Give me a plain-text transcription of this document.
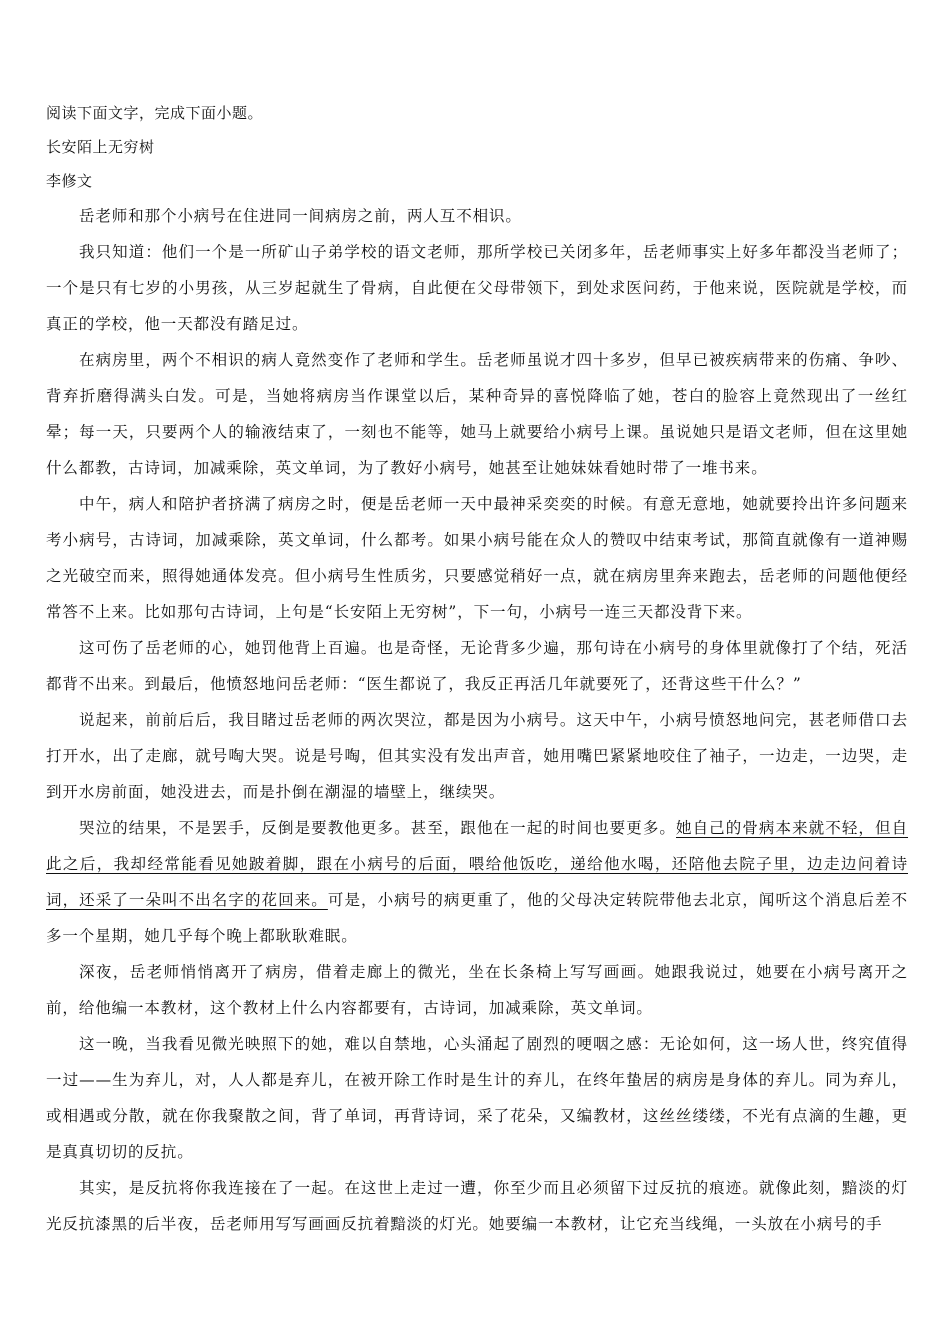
阅读下面文字，完成下面小题。

长安陌上无穷树

李修文

岳老师和那个小病号在住进同一间病房之前，两人互不相识。

我只知道：他们一个是一所矿山子弟学校的语文老师，那所学校已关闭多年，岳老师事实上好多年都没当老师了；一个是只有七岁的小男孩，从三岁起就生了骨病，自此便在父母带领下，到处求医问药，于他来说，医院就是学校，而真正的学校，他一天都没有踏足过。

在病房里，两个不相识的病人竟然变作了老师和学生。岳老师虽说才四十多岁，但早已被疾病带来的伤痛、争吵、背弃折磨得满头白发。可是，当她将病房当作课堂以后，某种奇异的喜悦降临了她，苍白的脸容上竟然现出了一丝红晕；每一天，只要两个人的输液结束了，一刻也不能等，她马上就要给小病号上课。虽说她只是语文老师，但在这里她什么都教，古诗词，加减乘除，英文单词，为了教好小病号，她甚至让她妹妹看她时带了一堆书来。

中午，病人和陪护者挤满了病房之时，便是岳老师一天中最神采奕奕的时候。有意无意地，她就要拎出许多问题来考小病号，古诗词，加减乘除，英文单词，什么都考。如果小病号能在众人的赞叹中结束考试，那简直就像有一道神赐之光破空而来，照得她通体发亮。但小病号生性质劣，只要感觉稍好一点，就在病房里奔来跑去，岳老师的问题他便经常答不上来。比如那句古诗词，上句是“长安陌上无穷树”，下一句，小病号一连三天都没背下来。

这可伤了岳老师的心，她罚他背上百遍。也是奇怪，无论背多少遍，那句诗在小病号的身体里就像打了个结，死活都背不出来。到最后，他愤怒地问岳老师：“医生都说了，我反正再活几年就要死了，还背这些干什么？”

说起来，前前后后，我目睹过岳老师的两次哭泣，都是因为小病号。这天中午，小病号愤怒地问完，甚老师借口去打开水，出了走廊，就号啕大哭。说是号啕，但其实没有发出声音，她用嘴巴紧紧地咬住了袖子，一边走，一边哭，走到开水房前面，她没进去，而是扑倒在潮湿的墙壁上，继续哭。

哭泣的结果，不是罢手，反倒是要教他更多。甚至，跟他在一起的时间也要更多。她自己的骨病本来就不轻，但自此之后，我却经常能看见她跛着脚，跟在小病号的后面，喂给他饭吃，递给他水喝，还陪他去院子里，边走边问着诗词，还采了一朵叫不出名字的花回来。可是，小病号的病更重了，他的父母决定转院带他去北京，闻听这个消息后差不多一个星期，她几乎每个晚上都耿耿难眠。

深夜，岳老师悄悄离开了病房，借着走廊上的微光，坐在长条椅上写写画画。她跟我说过，她要在小病号离开之前，给他编一本教材，这个教材上什么内容都要有，古诗词，加减乘除，英文单词。

这一晚，当我看见微光映照下的她，难以自禁地，心头涌起了剧烈的哽咽之感：无论如何，这一场人世，终究值得一过——生为弃儿，对，人人都是弃儿，在被开除工作时是生计的弃儿，在终年蛰居的病房是身体的弃儿。同为弃儿，或相遇或分散，就在你我聚散之间，背了单词，再背诗词，采了花朵，又编教材，这丝丝缕缕，不光有点滴的生趣，更是真真切切的反抗。

其实，是反抗将你我连接在了一起。在这世上走过一遭，你至少而且必须留下过反抗的痕迹。就像此刻，黯淡的灯光反抗漆黑的后半夜，岳老师用写写画画反抗着黯淡的灯光。她要编一本教材，让它充当线绳，一头放在小病号的手
